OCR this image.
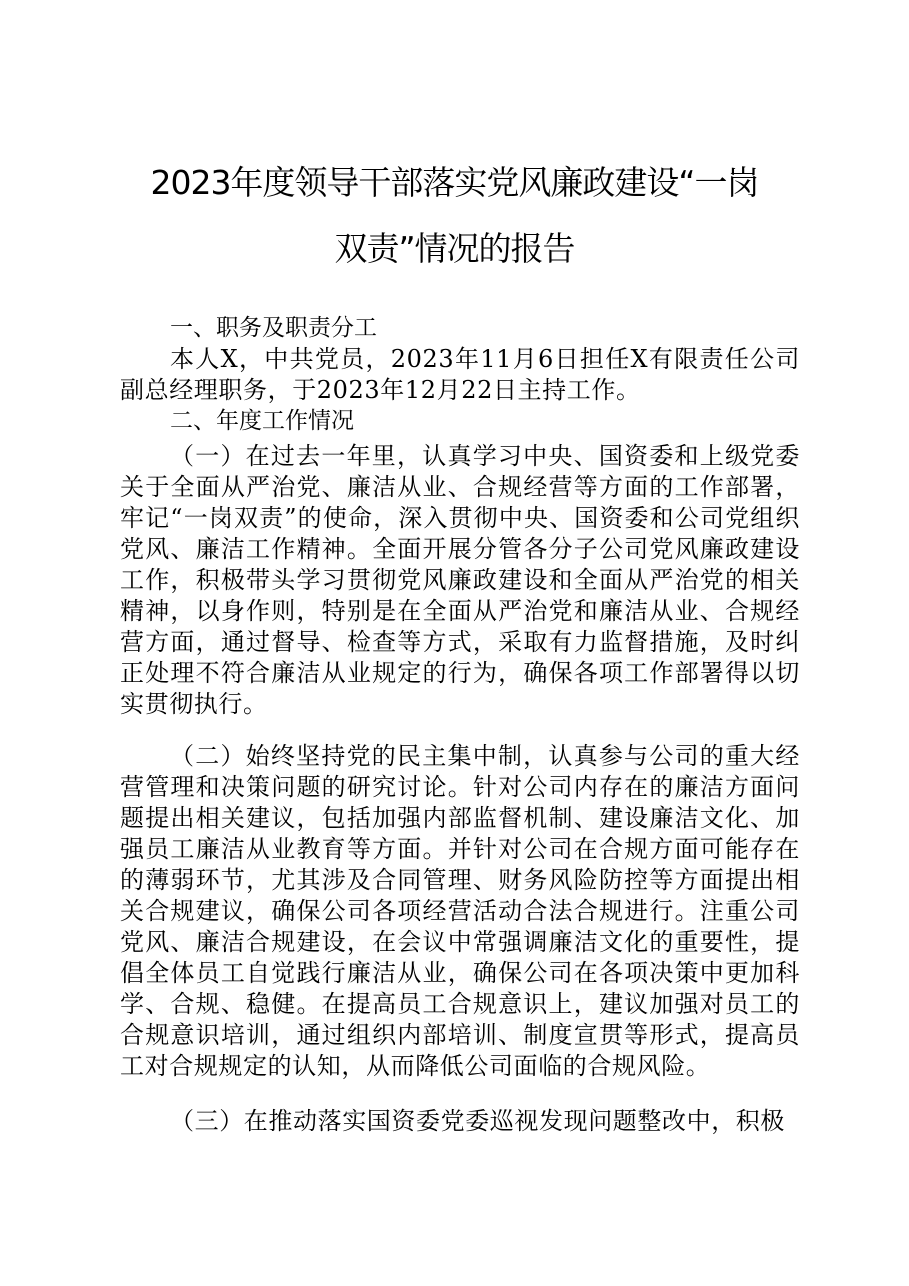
2023年度领导干部落实党风廉政建设“一岗
双责”情况的报告
一、职务及职责分工

本人X，中共党员，2023年11月6日担任X有限责任公司副总经理职务，于2023年12月22日主持工作。

二、年度工作情况

（一）在过去一年里，认真学习中央、国资委和上级党委关于全面从严治党、廉洁从业、合规经营等方面的工作部署，牢记“一岗双责”的使命，深入贯彻中央、国资委和公司党组织党风、廉洁工作精神。全面开展分管各分子公司党风廉政建设工作，积极带头学习贯彻党风廉政建设和全面从严治党的相关精神，以身作则，特别是在全面从严治党和廉洁从业、合规经营方面，通过督导、检查等方式，采取有力监督措施，及时纠正处理不符合廉洁从业规定的行为，确保各项工作部署得以切实贯彻执行。

（二）始终坚持党的民主集中制，认真参与公司的重大经营管理和决策问题的研究讨论。针对公司内存在的廉洁方面问题提出相关建议，包括加强内部监督机制、建设廉洁文化、加强员工廉洁从业教育等方面。并针对公司在合规方面可能存在的薄弱环节，尤其涉及合同管理、财务风险防控等方面提出相关合规建议，确保公司各项经营活动合法合规进行。注重公司党风、廉洁合规建设，在会议中常强调廉洁文化的重要性，提倡全体员工自觉践行廉洁从业，确保公司在各项决策中更加科学、合规、稳健。在提高员工合规意识上，建议加强对员工的合规意识培训，通过组织内部培训、制度宣贯等形式，提高员工对合规规定的认知，从而降低公司面临的合规风险。

（三）在推动落实国资委党委巡视发现问题整改中，积极
